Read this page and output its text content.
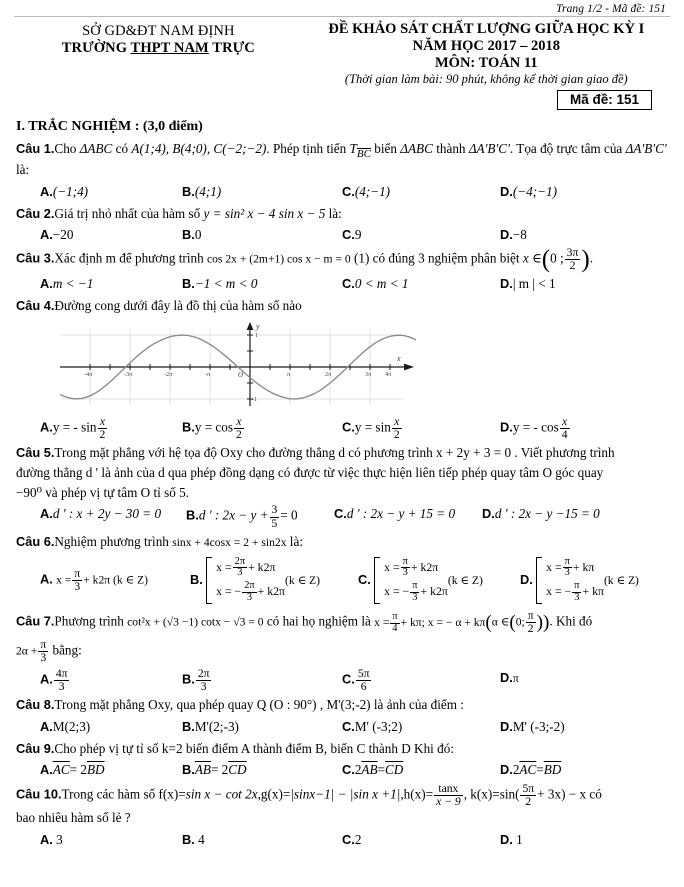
Trang 1/2 - Mã đề: 151
SỞ GD&ĐT NAM ĐỊNH
TRƯỜNG THPT NAM TRỰC
ĐỀ KHẢO SÁT CHẤT LƯỢNG GIỮA HỌC KỲ I
NĂM HỌC 2017 – 2018
MÔN: TOÁN 11
(Thời gian làm bài: 90 phút, không kể thời gian giao đề)
Mã đề: 151
I. TRẮC NGHIỆM : (3,0 điểm)
Câu 1.Cho ΔABC có A(1;4), B(4;0), C(−2;−2). Phép tịnh tiến $T_{BC}$ biến ΔABC thành ΔA'B'C'. Tọa độ trực tâm của ΔA'B'C' là:
A.(−1;4)	B.(4;1)	C.(4;−1)	D.(−4;−1)
Câu 2.Giá trị nhỏ nhất của hàm số y = sin² x − 4 sin x − 5 là:
A.−20	B.0	C.9	D.−8
Câu 3.Xác định m để phương trình cos 2x + (2m+1) cos x − m = 0 (1) có đúng 3 nghiệm phân biệt x ∈(0 ; $\frac{3\pi}{2}$ ).
A.m < −1	B.−1 < m < 0	C.0 < m < 1	D.| m | < 1
Câu 4.Đường cong dưới đây là đồ thị của hàm số nào
-4π	-3π	-2π	-π	π	2π	3π 4π
O
1
-1
y
x
A.y = - $\sin \frac{x}{2}$	$B.y = \cos \frac{x}{2}$	$C.y = \sin \frac{x}{2}$	D.y = - $\cos \frac{x}{4}$
Câu 5.Trong mặt phẳng với hệ tọa độ Oxy cho đường thẳng d có phương trình x + 2y + 3 = 0 . Viết phương trình
đường thẳng d ' là ảnh của d qua phép đồng dạng có được từ việc thực hiện liên tiếp phép quay tâm O góc quay
−90⁰ và phép vị tự tâm O tỉ số 5.
A.d ' : x + 2y − 30 = 0	B.d ' : $2x - y + \frac{3}{5} = 0$	C.d ' : 2x − y + 15 = 0	D.d ' : 2x − y −15 = 0
Câu 6.Nghiệm phương trình sinx + 4cosx = 2 + sin2x là:
A. $x = \frac{\pi}{3} + k2\pi$ (k ∈ Z)	B.
$x = \frac{2\pi}{3} + k2\pi$
x = − $\frac{2\pi}{3} + k2\pi$
(k ∈ Z)	C.
$x = \frac{\pi}{3} + k2\pi$
x = − $\frac{\pi}{3} + k2\pi$
(k ∈ Z)	D.
$x = \frac{\pi}{3} + k\pi$
x = − $\frac{\pi}{3} + k\pi$
(k ∈ Z)
Câu 7.Phương trình cot²x + (√3 −1) cotx − √3 = 0 có hai họ nghiệm là $x = \frac{\pi}{4} + k\pi$; x = − α + kπ(α ∈(0; $\frac{\pi}{2}$ )). Khi đó
$2\alpha + \frac{\pi}{3}$ bằng:
A. $\frac{4\pi}{3}$	B. $\frac{2\pi}{3}$	C. $\frac{5\pi}{6}$	D.π
Câu 8.Trong mặt phẳng Oxy, qua phép quay Q (O : 90°) , M'(3;-2) là ảnh của điểm :
A.M(2;3)	B.M'(2;-3)	C.M' (-3;2)	D.M' (-3;-2)
Câu 9.Cho phép vị tự tỉ số k=2 biến điểm A thành điểm B, biến C thành D Khi đó:
$A.\overline{AC}= 2\overline{BD}$	$B.\overline{AB}= 2\overline{CD}$	$C.2\overline{AB}=\overline{CD}$	$D.2\overline{AC}=\overline{BD}$
Câu 10.Trong các hàm số f(x)=sin x − cot 2x,g(x)=|sinx−1| − |sin $x +1|,h(x)= \frac{\tan x}{x - 9}$ , $k(x)=\sin( \frac{5\pi}{2} + 3x) - x$ có
bao nhiêu hàm số lẻ ?
A. 3	B. 4	C.2	D. 1
